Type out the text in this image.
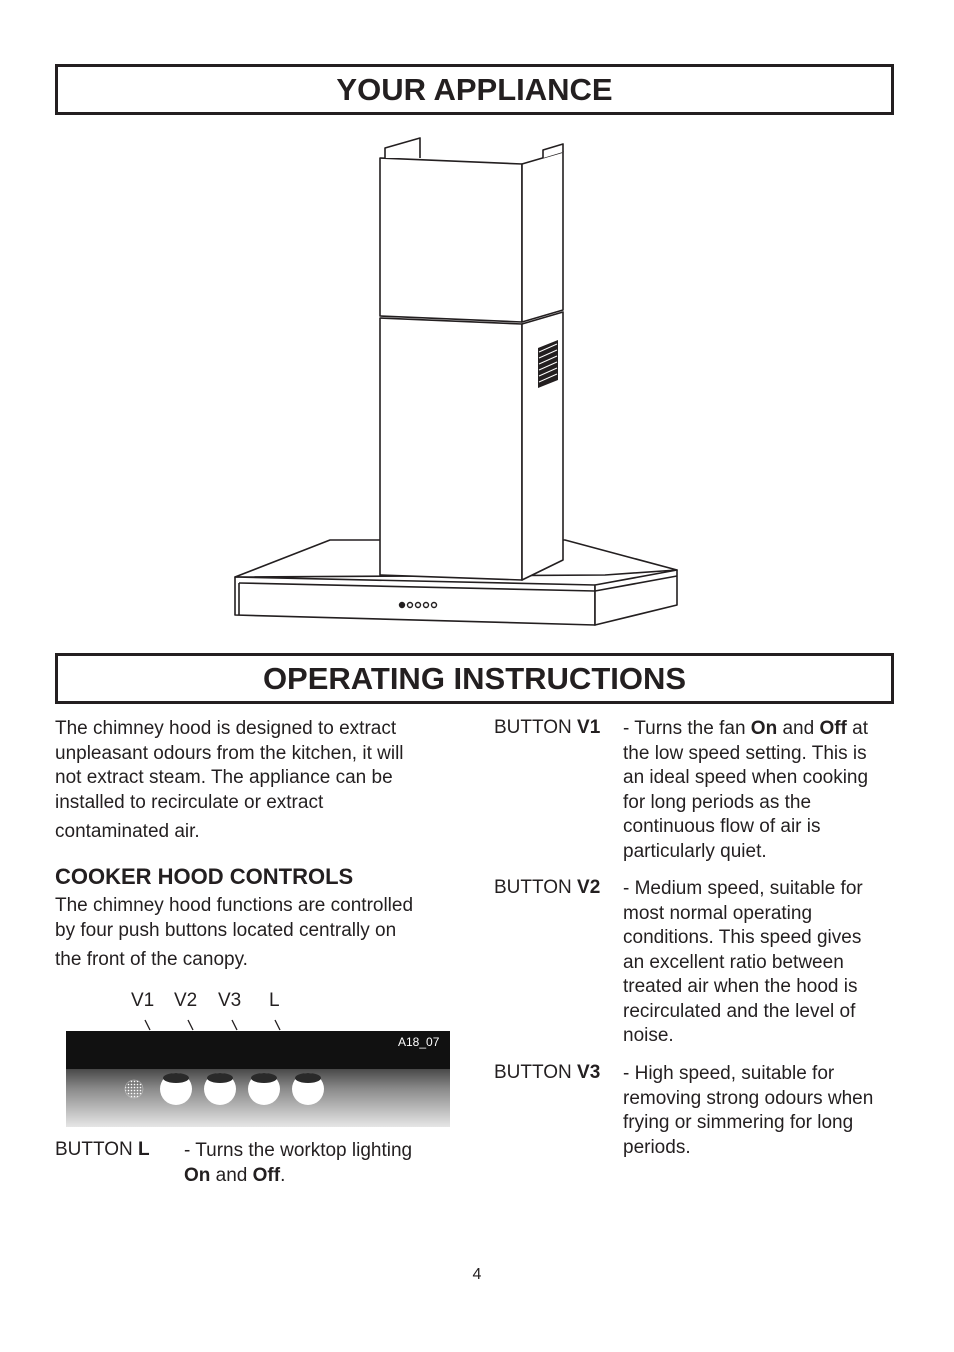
YOUR APPLIANCE
OPERATING INSTRUCTIONS
The chimney hood is designed to extract
unpleasant odours from the kitchen, it will
not extract steam. The appliance can be
installed to recirculate or extract
contaminated air.
COOKER HOOD CONTROLS
The chimney hood functions are controlled
by four push buttons located centrally on
the front of the canopy.
V1 V2 V3 L
A18_07
BUTTON L - Turns the worktop lighting
On and Off.
BUTTON V1 - Turns the fan On and Off at
the low speed setting. This is
an ideal speed when cooking
for long periods as the
continuous flow of air is
particularly quiet.
BUTTON V2 - Medium speed, suitable for
most normal operating
conditions. This speed gives
an excellent ratio between
treated air when the hood is
recirculated and the level of
noise.
BUTTON V3 - High speed, suitable for
removing strong odours when
frying or simmering for long
periods.
4
